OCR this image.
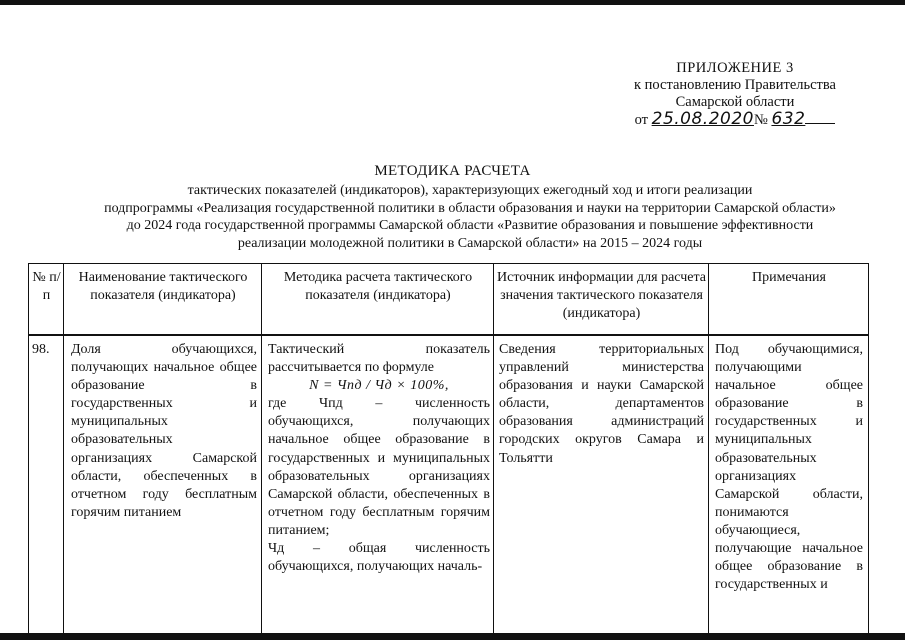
ПРИЛОЖЕНИЕ 3
к постановлению Правительства
Самарской области
от 25.08.2020№ 632
МЕТОДИКА РАСЧЕТА
тактических показателей (индикаторов), характеризующих ежегодный ход и итоги реализации
подпрограммы «Реализация государственной политики в области образования и науки на территории Самарской области»
до 2024 года государственной программы Самарской области «Развитие образования и повышение эффективности
реализации молодежной политики в Самарской области» на 2015 – 2024 годы
№ п/п
Наименование тактического показателя (индикатора)
Методика расчета тактического показателя (индикатора)
Источник информации для расчета значения тактического показателя (индикатора)
Примечания
98.	Доля обучающихся, получающих начальное общее образование в государственных и муниципальных образовательных организациях Самарской области, обеспеченных в отчетном году бесплатным горячим питанием
Тактический показатель рассчитывается по формуле
N = Чпд / Чд × 100%,
где Чпд – численность обучающихся, получающих начальное общее образование в государственных и муниципальных образовательных организациях Самарской области, обеспеченных в отчетном году бесплатным горячим питанием;
Чд – общая численность обучающихся, получающих началь-
Сведения территориальных управлений министерства образования и науки Самарской области, департаментов образования администраций городских округов Самара и Тольятти
Под обучающимися, получающими начальное общее образование в государственных и муниципальных образовательных организациях Самарской области, понимаются обучающиеся, получающие начальное общее образование в государственных и
